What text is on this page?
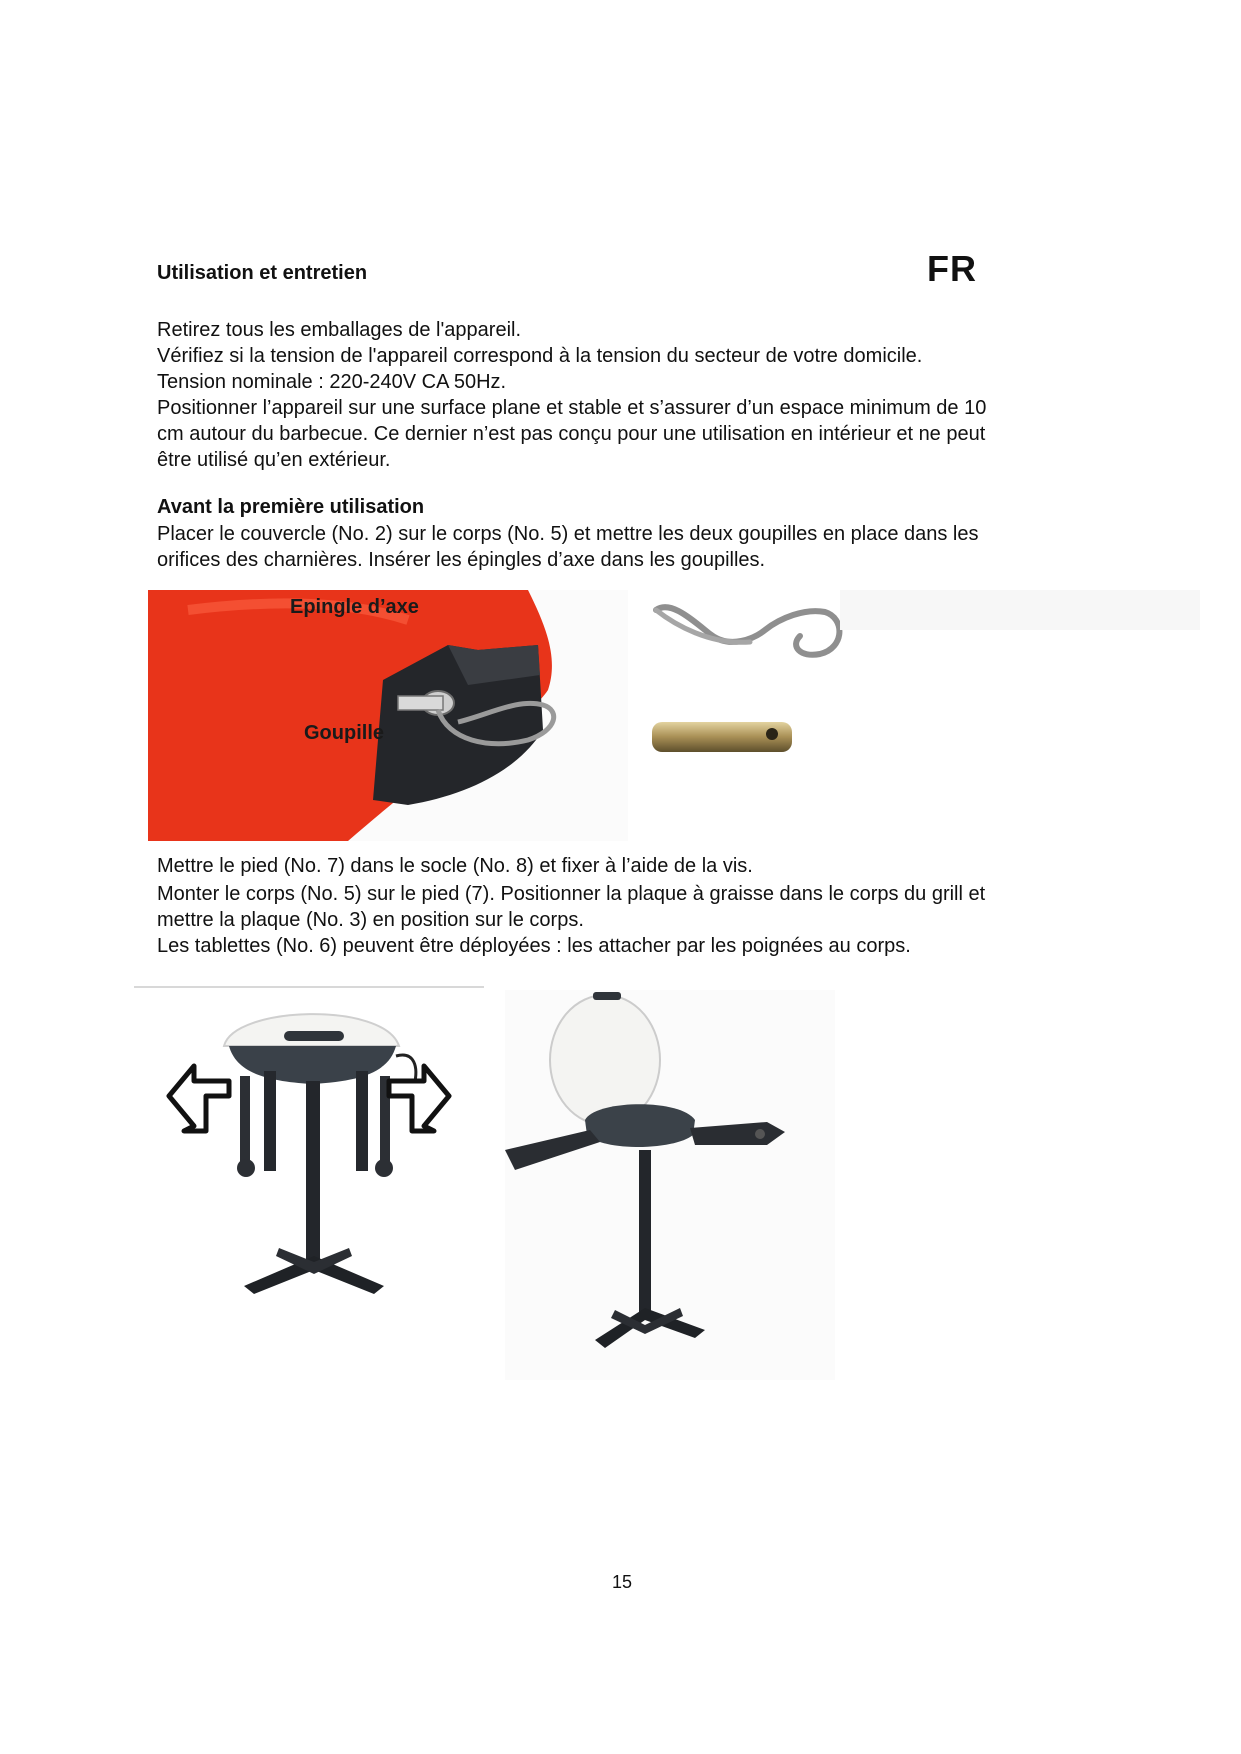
Utilisation et entretien	FR

Retirez tous les emballages de l'appareil.

Vérifiez si la tension de l'appareil correspond à la tension du secteur de votre domicile.

Tension nominale : 220-240V CA 50Hz.

Positionner l’appareil sur une surface plane et stable et s’assurer d’un espace minimum de 10

cm autour du barbecue. Ce dernier n’est pas conçu pour une utilisation en intérieur et ne peut

être utilisé qu’en extérieur.

Avant la première utilisation

Placer le couvercle (No. 2) sur le corps (No. 5) et mettre les deux goupilles en place dans les

orifices des charnières. Insérer les épingles d’axe dans les goupilles.

Epingle d’axe
Goupille

Mettre le pied (No. 7) dans le socle (No. 8) et fixer à l’aide de la vis.

Monter le corps (No. 5) sur le pied (7). Positionner la plaque à graisse dans le corps du grill et

mettre la plaque (No. 3) en position sur le corps.

Les tablettes (No. 6) peuvent être déployées : les attacher par les poignées au corps.

15
